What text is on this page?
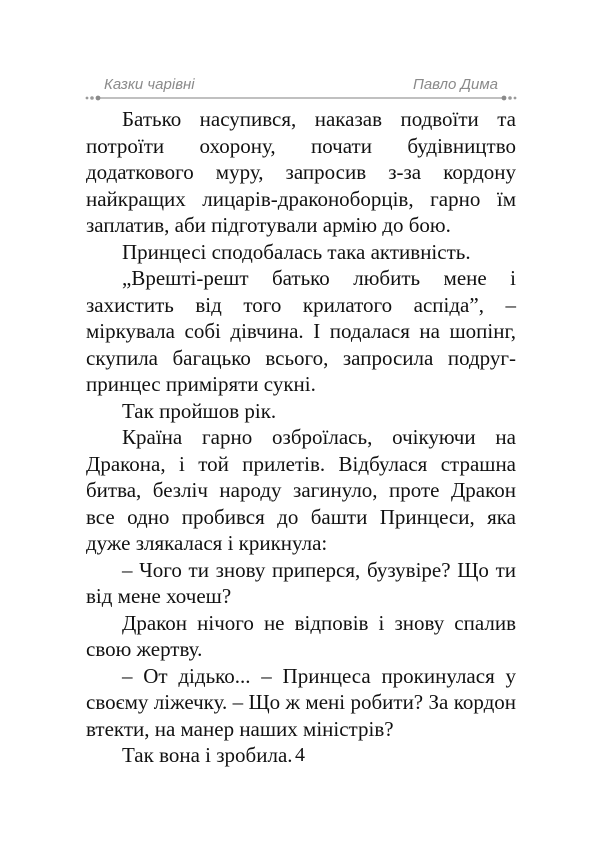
Казки чарівні	Павло Дима

Батько насупився, наказав подвоїти та потроїти охорону, почати будівництво додаткового муру, запросив з-за кордону найкращих лицарів-драконоборців, гарно їм заплатив, аби підготували армію до бою.

Принцесі сподобалась така активність.

„Врешті-решт батько любить мене і захистить від того крилатого аспіда”, – міркувала собі дівчина. І подалася на шопінг, скупила багацько всього, запросила подруг-принцес приміряти сукні.

Так пройшов рік.

Країна гарно озброїлась, очікуючи на Дракона, і той прилетів. Відбулася страшна битва, безліч народу загинуло, проте Дракон все одно пробився до башти Принцеси, яка дуже злякалася і крикнула:

– Чого ти знову приперся, бузувіре? Що ти від мене хочеш?

Дракон нічого не відповів і знову спалив свою жертву.

– От дідько... – Принцеса прокинулася у своєму ліжечку. – Що ж мені робити? За кордон втекти, на манер наших міністрів?

Так вона і зробила. 4
